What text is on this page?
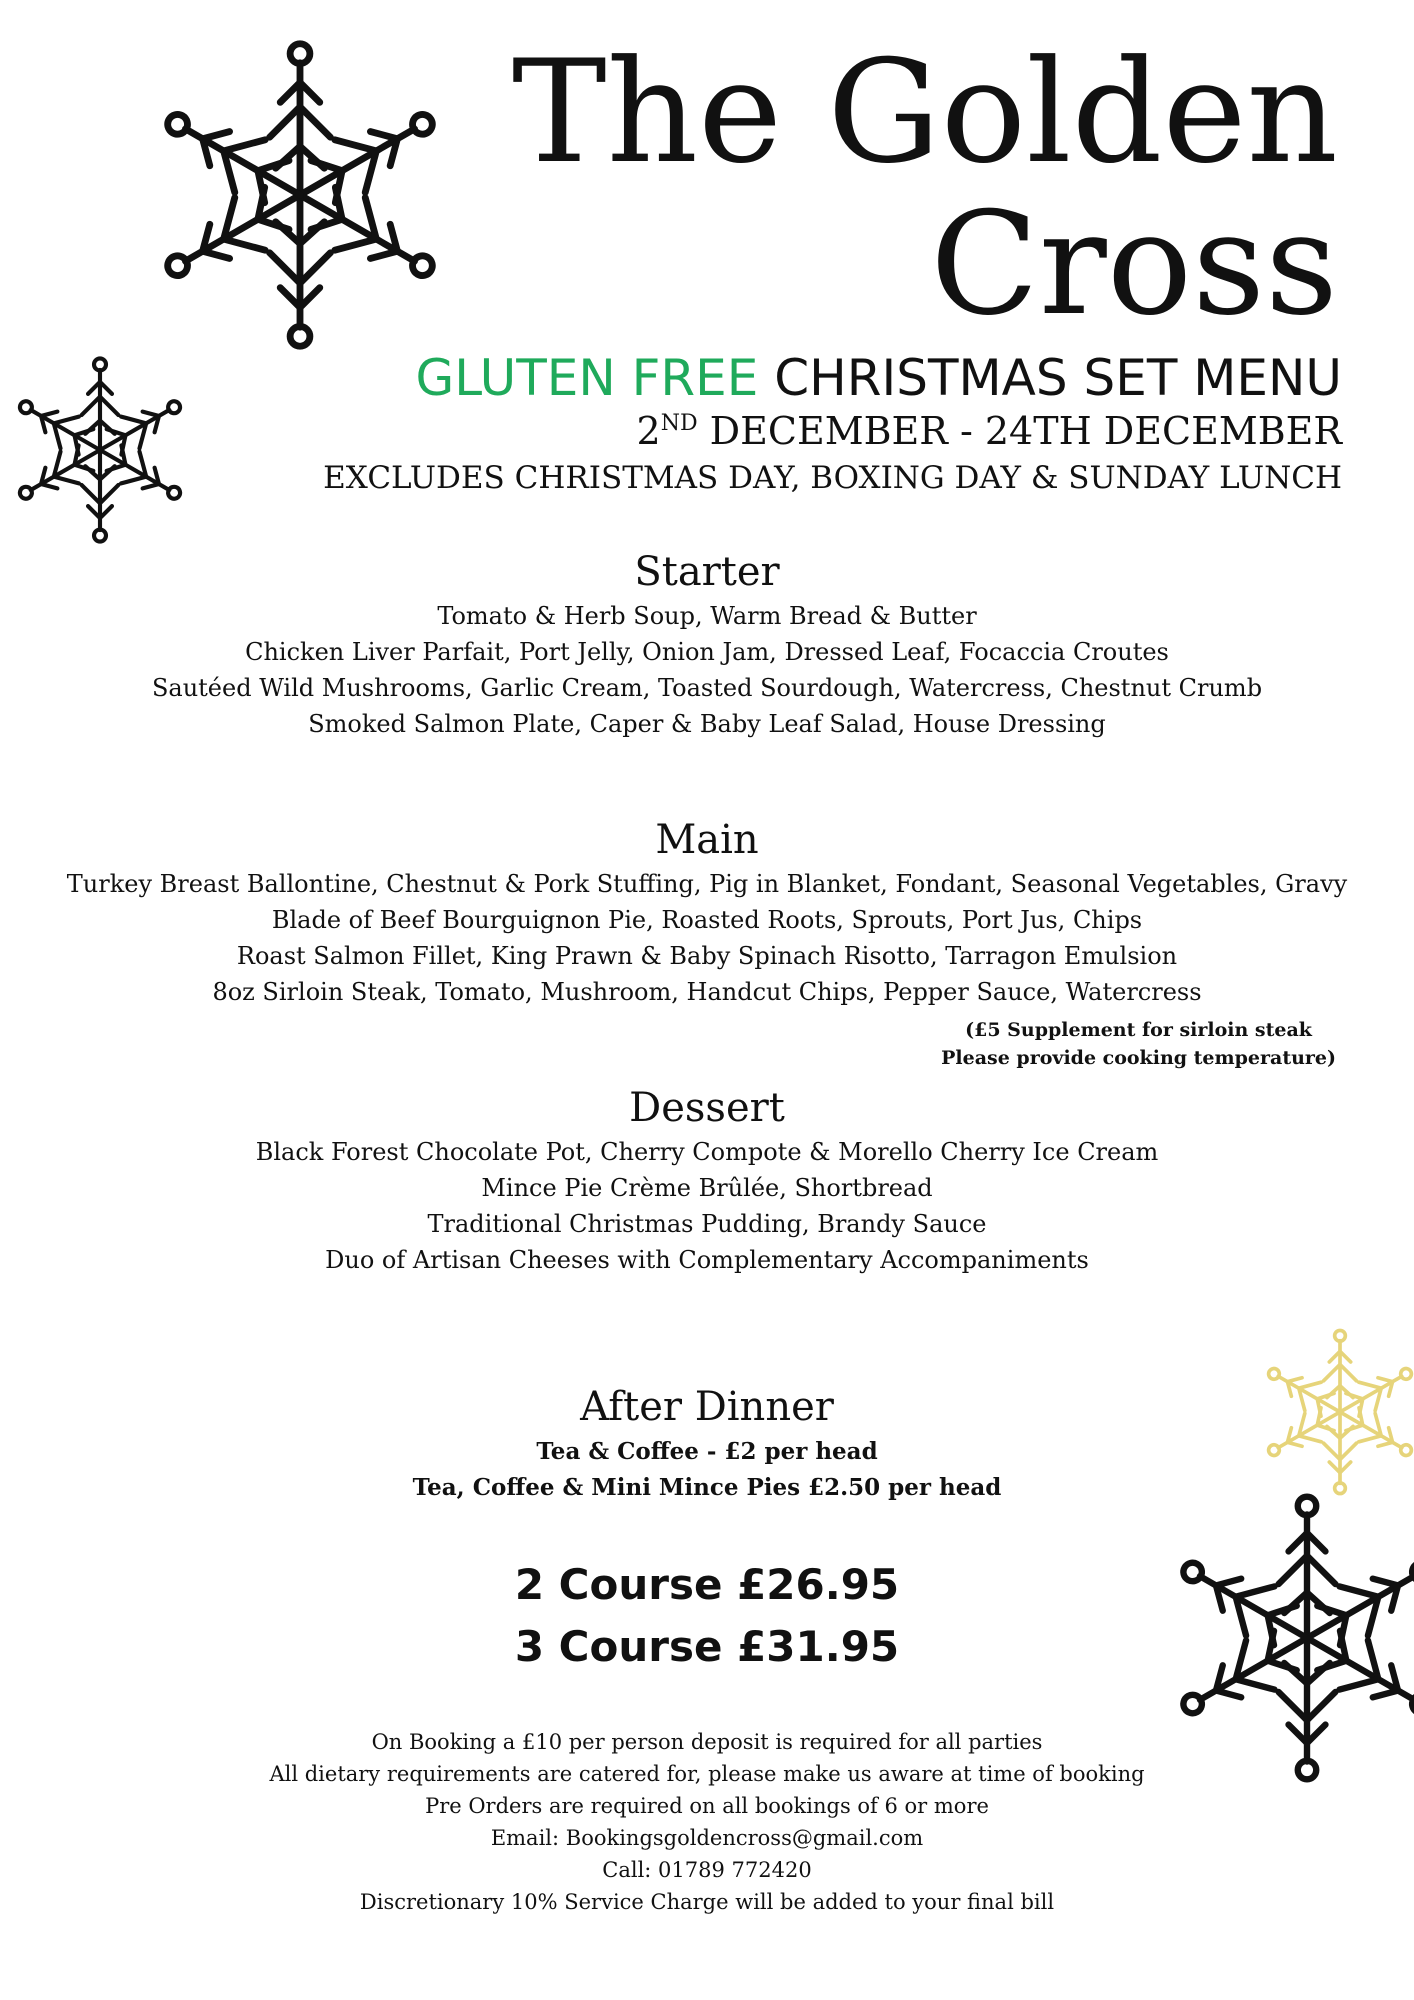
The Golden
Cross
GLUTEN FREE CHRISTMAS SET MENU
2ND DECEMBER - 24TH DECEMBER
EXCLUDES CHRISTMAS DAY, BOXING DAY & SUNDAY LUNCH
Starter
Tomato & Herb Soup, Warm Bread & Butter
Chicken Liver Parfait, Port Jelly, Onion Jam, Dressed Leaf, Focaccia Croutes
Sautéed Wild Mushrooms, Garlic Cream, Toasted Sourdough, Watercress, Chestnut Crumb
Smoked Salmon Plate, Caper & Baby Leaf Salad, House Dressing
Main
Turkey Breast Ballontine, Chestnut & Pork Stuffing, Pig in Blanket, Fondant, Seasonal Vegetables, Gravy
Blade of Beef Bourguignon Pie, Roasted Roots, Sprouts, Port Jus, Chips
Roast Salmon Fillet, King Prawn & Baby Spinach Risotto, Tarragon Emulsion
8oz Sirloin Steak, Tomato, Mushroom, Handcut Chips, Pepper Sauce, Watercress
(£5 Supplement for sirloin steak
Please provide cooking temperature)
Dessert
Black Forest Chocolate Pot, Cherry Compote & Morello Cherry Ice Cream
Mince Pie Crème Brûlée, Shortbread
Traditional Christmas Pudding, Brandy Sauce
Duo of Artisan Cheeses with Complementary Accompaniments
After Dinner
Tea & Coffee - £2 per head
Tea, Coffee & Mini Mince Pies £2.50 per head
2 Course £26.95
3 Course £31.95
On Booking a £10 per person deposit is required for all parties
All dietary requirements are catered for, please make us aware at time of booking
Pre Orders are required on all bookings of 6 or more
Email: Bookingsgoldencross@gmail.com
Call: 01789 772420
Discretionary 10% Service Charge will be added to your final bill
